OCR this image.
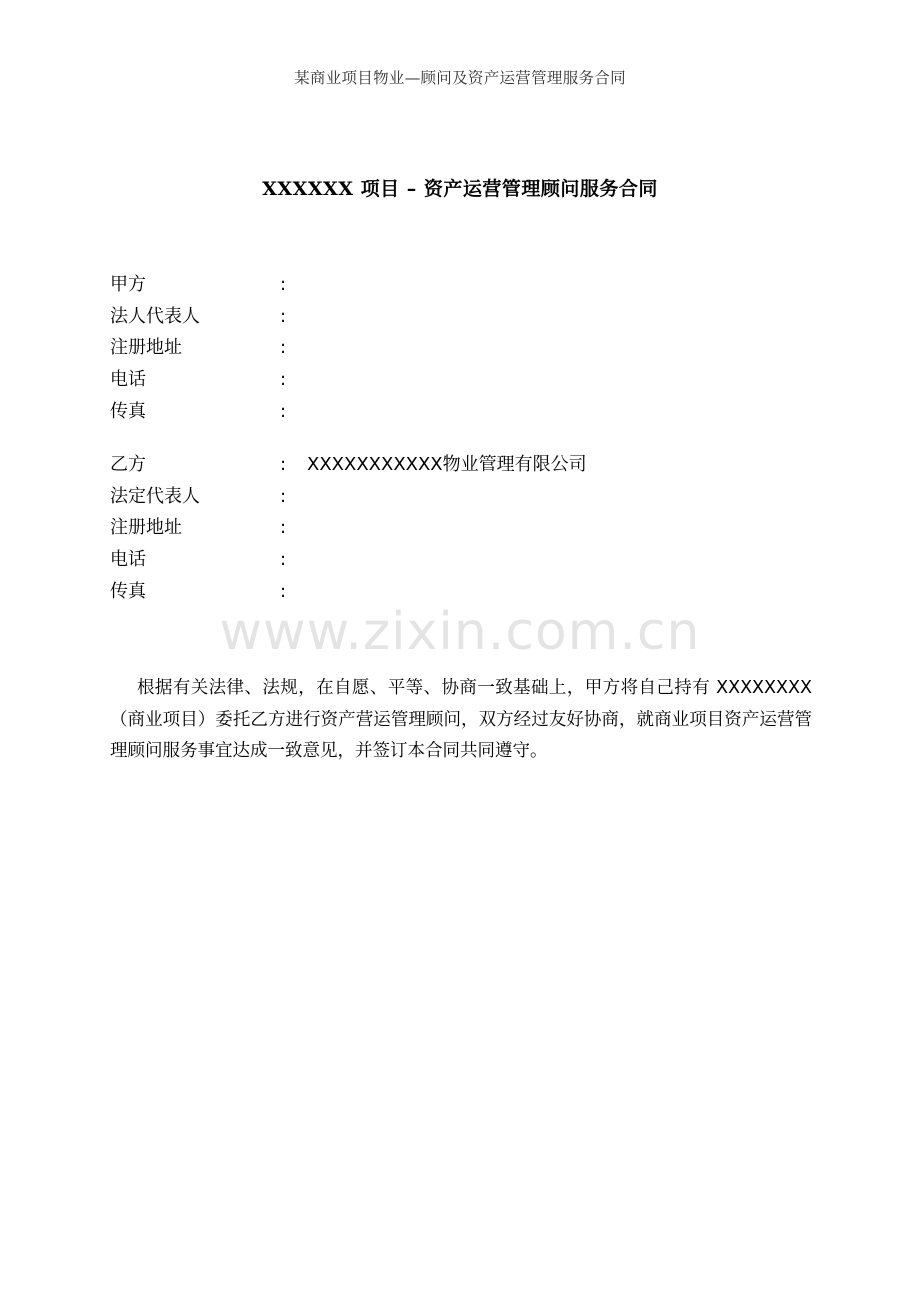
某商业项目物业—顾问及资产运营管理服务合同
XXXXXX 项目 – 资产运营管理顾问服务合同
甲方	:
法人代表人	:
注册地址	:
电话	:
传真	:
乙方	: XXXXXXXXXXX物业管理有限公司
法定代表人	:
注册地址	:
电话	:
传真	:
www.zixin.com.cn

根据有关法律、法规，在自愿、平等、协商一致基础上，甲方将自己持有 XXXXXXXX（商业项目）委托乙方进行资产营运管理顾问，双方经过友好协商，就商业项目资产运营管理顾问服务事宜达成一致意见，并签订本合同共同遵守。
